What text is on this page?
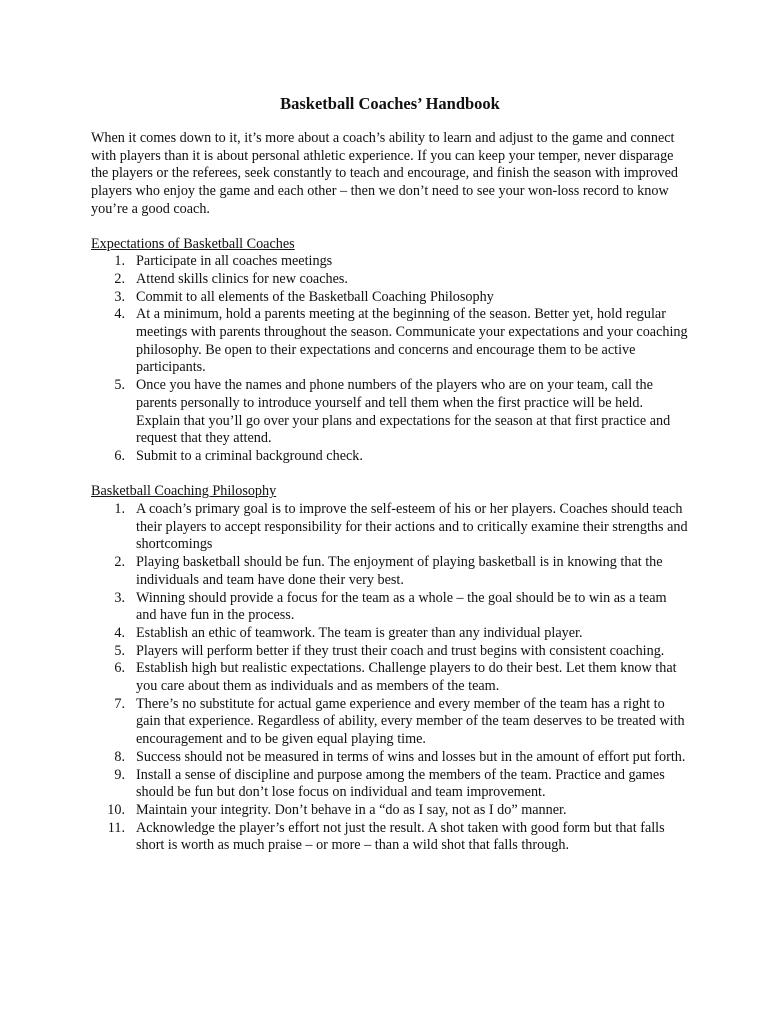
Basketball Coaches’ Handbook

When it comes down to it, it’s more about a coach’s ability to learn and adjust to the game and connect with players than it is about personal athletic experience. If you can keep your temper, never disparage the players or the referees, seek constantly to teach and encourage, and finish the season with improved players who enjoy the game and each other – then we don’t need to see your won-loss record to know you’re a good coach.

Expectations of Basketball Coaches

1. Participate in all coaches meetings
2. Attend skills clinics for new coaches.
3. Commit to all elements of the Basketball Coaching Philosophy
4. At a minimum, hold a parents meeting at the beginning of the season. Better yet, hold regular meetings with parents throughout the season. Communicate your expectations and your coaching philosophy. Be open to their expectations and concerns and encourage them to be active participants.
5. Once you have the names and phone numbers of the players who are on your team, call the parents personally to introduce yourself and tell them when the first practice will be held. Explain that you’ll go over your plans and expectations for the season at that first practice and request that they attend.
6. Submit to a criminal background check.

Basketball Coaching Philosophy

1. A coach’s primary goal is to improve the self-esteem of his or her players. Coaches should teach their players to accept responsibility for their actions and to critically examine their strengths and shortcomings
2. Playing basketball should be fun. The enjoyment of playing basketball is in knowing that the individuals and team have done their very best.
3. Winning should provide a focus for the team as a whole – the goal should be to win as a team and have fun in the process.
4. Establish an ethic of teamwork. The team is greater than any individual player.
5. Players will perform better if they trust their coach and trust begins with consistent coaching.
6. Establish high but realistic expectations. Challenge players to do their best. Let them know that you care about them as individuals and as members of the team.
7. There’s no substitute for actual game experience and every member of the team has a right to gain that experience. Regardless of ability, every member of the team deserves to be treated with encouragement and to be given equal playing time.
8. Success should not be measured in terms of wins and losses but in the amount of effort put forth.
9. Install a sense of discipline and purpose among the members of the team. Practice and games should be fun but don’t lose focus on individual and team improvement.
10. Maintain your integrity. Don’t behave in a “do as I say, not as I do” manner.
11. Acknowledge the player’s effort not just the result. A shot taken with good form but that falls short is worth as much praise – or more – than a wild shot that falls through.
